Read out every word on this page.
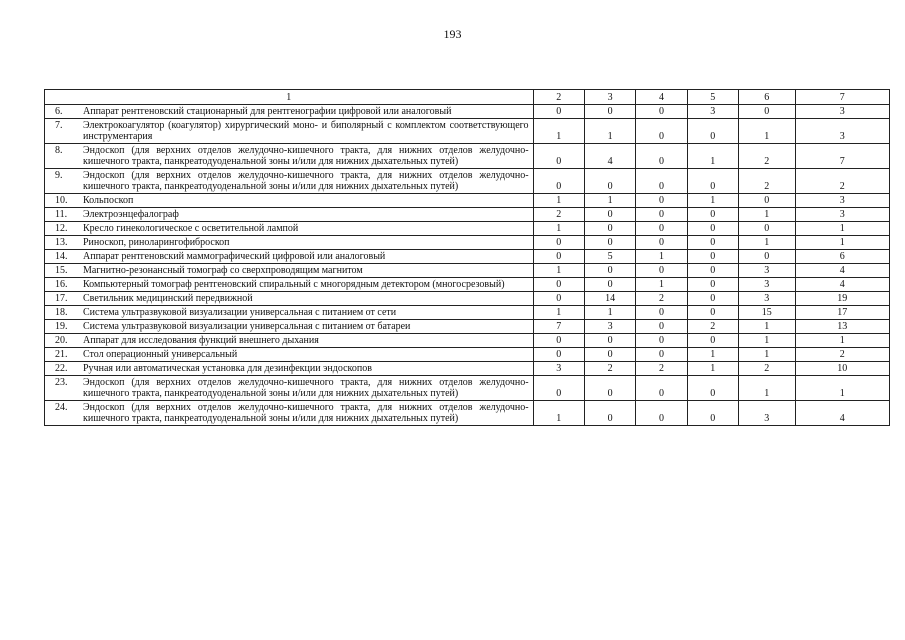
193
1	2	3	4	5	6	7

6. Аппарат рентгеновский стационарный для рентгенографии цифровой или аналоговый	0	0	0	3	0	3

7. Электрокоагулятор (коагулятор) хирургический моно- и биполярный с комплектом соответствующего инструментария	1	1	0	0	1	3

8. Эндоскоп (для верхних отделов желудочно-кишечного тракта, для нижних отделов желудочно-кишечного тракта, панкреатодуоденальной зоны и/или для нижних дыхательных путей)	0	4	0	1	2	7

9. Эндоскоп (для верхних отделов желудочно-кишечного тракта, для нижних отделов желудочно-кишечного тракта, панкреатодуоденальной зоны и/или для нижних дыхательных путей)	0	0	0	0	2	2

10. Кольпоскоп	1	1	0	1	0	3

11. Электроэнцефалограф	2	0	0	0	1	3

12. Кресло гинекологическое с осветительной лампой	1	0	0	0	0	1

13. Риноскоп, риноларингофиброскоп	0	0	0	0	1	1

14. Аппарат рентгеновский маммографический цифровой или аналоговый	0	5	1	0	0	6

15. Магнитно-резонансный томограф со сверхпроводящим магнитом	1	0	0	0	3	4

16. Компьютерный томограф рентгеновский спиральный с многорядным детектором (многосрезовый)	0	0	1	0	3	4

17. Светильник медицинский передвижной	0	14	2	0	3	19

18. Система ультразвуковой визуализации универсальная с питанием от сети	1	1	0	0	15	17

19. Система ультразвуковой визуализации универсальная с питанием от батареи	7	3	0	2	1	13

20. Аппарат для исследования функций внешнего дыхания	0	0	0	0	1	1

21. Стол операционный универсальный	0	0	0	1	1	2

22. Ручная или автоматическая установка для дезинфекции эндоскопов	3	2	2	1	2	10

23. Эндоскоп (для верхних отделов желудочно-кишечного тракта, для нижних отделов желудочно-кишечного тракта, панкреатодуоденальной зоны и/или для нижних дыхательных путей)	0	0	0	0	1	1

24. Эндоскоп (для верхних отделов желудочно-кишечного тракта, для нижних отделов желудочно-кишечного тракта, панкреатодуоденальной зоны и/или для нижних дыхательных путей)	1	0	0	0	3	4
